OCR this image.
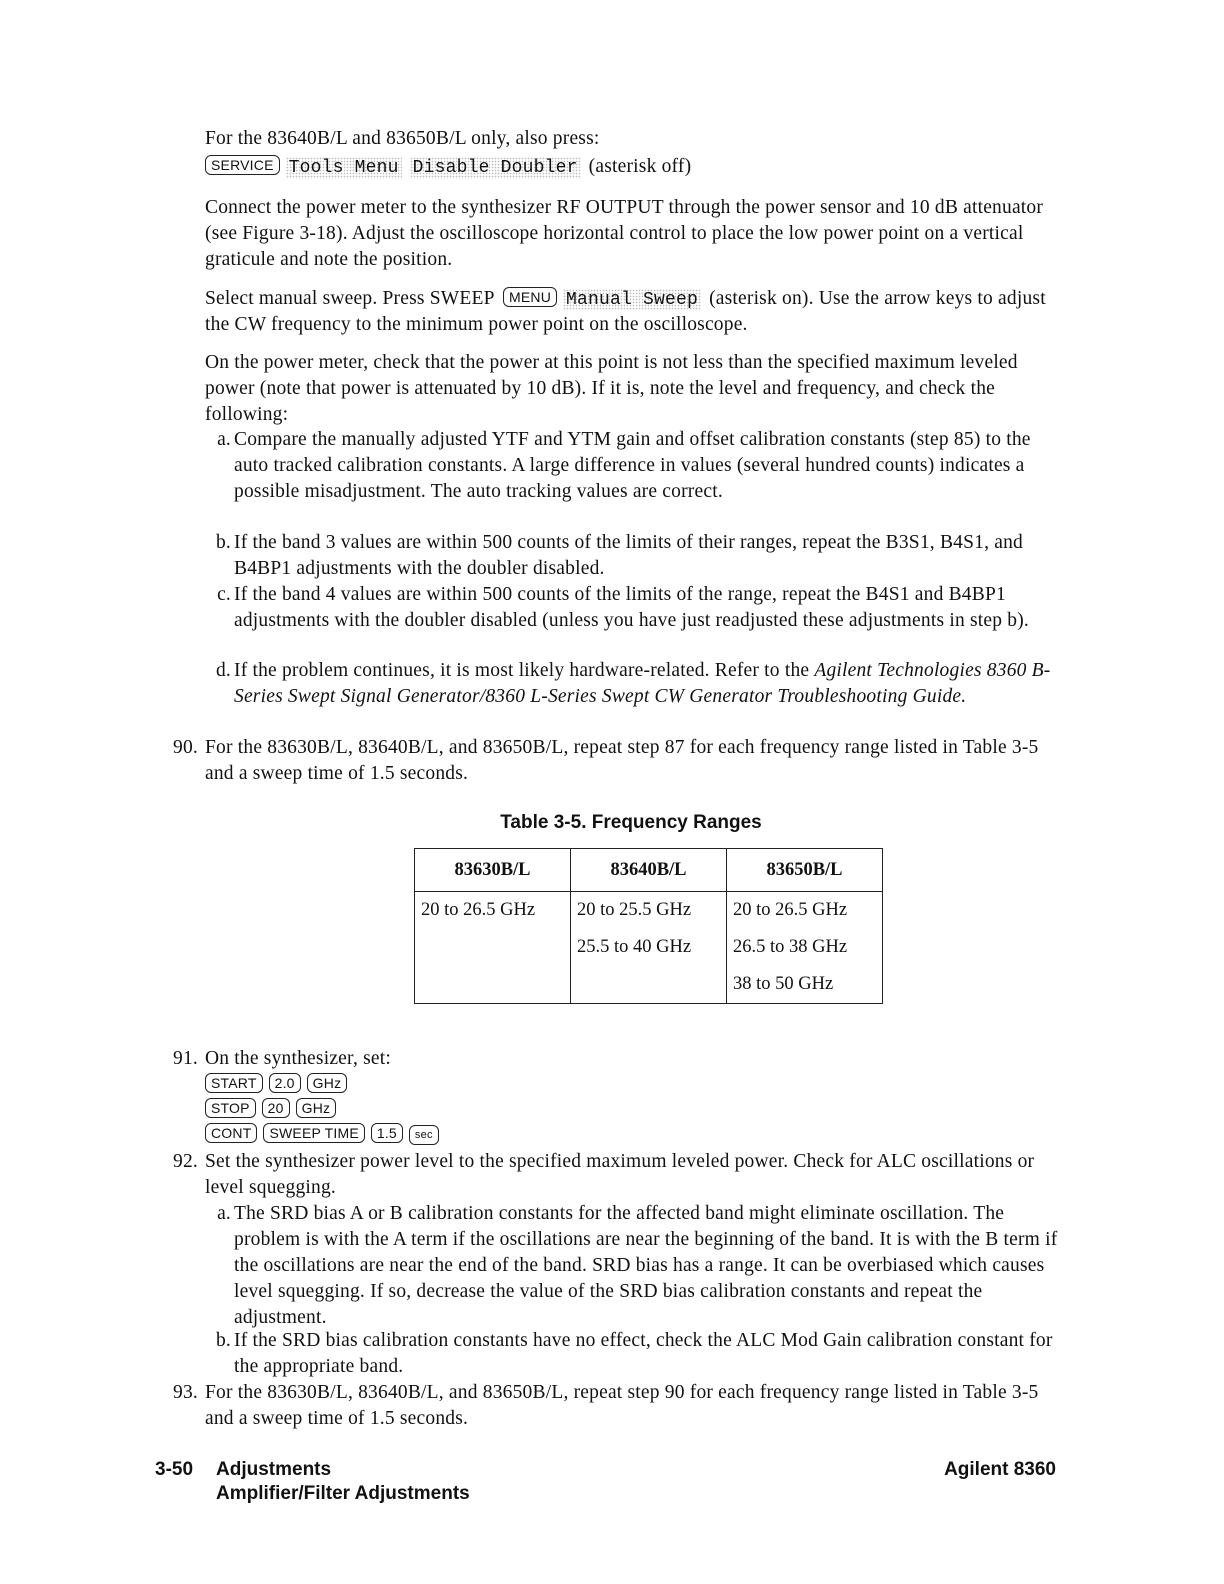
For the 83640B/L and 83650B/L only, also press:
SERVICE Tools Menu Disable Doubler (asterisk off)
Connect the power meter to the synthesizer RF OUTPUT through the power sensor and 10 dB attenuator (see Figure 3-18). Adjust the oscilloscope horizontal control to place the low power point on a vertical graticule and note the position.
Select manual sweep. Press SWEEP MENU Manual Sweep (asterisk on). Use the arrow keys to adjust the CW frequency to the minimum power point on the oscilloscope.
On the power meter, check that the power at this point is not less than the specified maximum leveled power (note that power is attenuated by 10 dB). If it is, note the level and frequency, and check the following:
a. Compare the manually adjusted YTF and YTM gain and offset calibration constants (step 85) to the auto tracked calibration constants. A large difference in values (several hundred counts) indicates a possible misadjustment. The auto tracking values are correct.
b. If the band 3 values are within 500 counts of the limits of their ranges, repeat the B3S1, B4S1, and B4BP1 adjustments with the doubler disabled.
c. If the band 4 values are within 500 counts of the limits of the range, repeat the B4S1 and B4BP1 adjustments with the doubler disabled (unless you have just readjusted these adjustments in step b).
d. If the problem continues, it is most likely hardware-related. Refer to the Agilent Technologies 8360 B-Series Swept Signal Generator/8360 L-Series Swept CW Generator Troubleshooting Guide.
90. For the 83630B/L, 83640B/L, and 83650B/L, repeat step 87 for each frequency range listed in Table 3-5 and a sweep time of 1.5 seconds.
Table 3-5. Frequency Ranges
83630B/L	83640B/L	83650B/L
20 to 26.5 GHz	20 to 25.5 GHz	20 to 26.5 GHz
	25.5 to 40 GHz	26.5 to 38 GHz
		38 to 50 GHz
91. On the synthesizer, set:
START 2.0 GHz
STOP 20 GHz
CONT SWEEP TIME 1.5 sec
92. Set the synthesizer power level to the specified maximum leveled power. Check for ALC oscillations or level squegging.
a. The SRD bias A or B calibration constants for the affected band might eliminate oscillation. The problem is with the A term if the oscillations are near the beginning of the band. It is with the B term if the oscillations are near the end of the band. SRD bias has a range. It can be overbiased which causes level squegging. If so, decrease the value of the SRD bias calibration constants and repeat the adjustment.
b. If the SRD bias calibration constants have no effect, check the ALC Mod Gain calibration constant for the appropriate band.
93. For the 83630B/L, 83640B/L, and 83650B/L, repeat step 90 for each frequency range listed in Table 3-5 and a sweep time of 1.5 seconds.
3-50 Adjustments
Amplifier/Filter Adjustments
Agilent 8360
